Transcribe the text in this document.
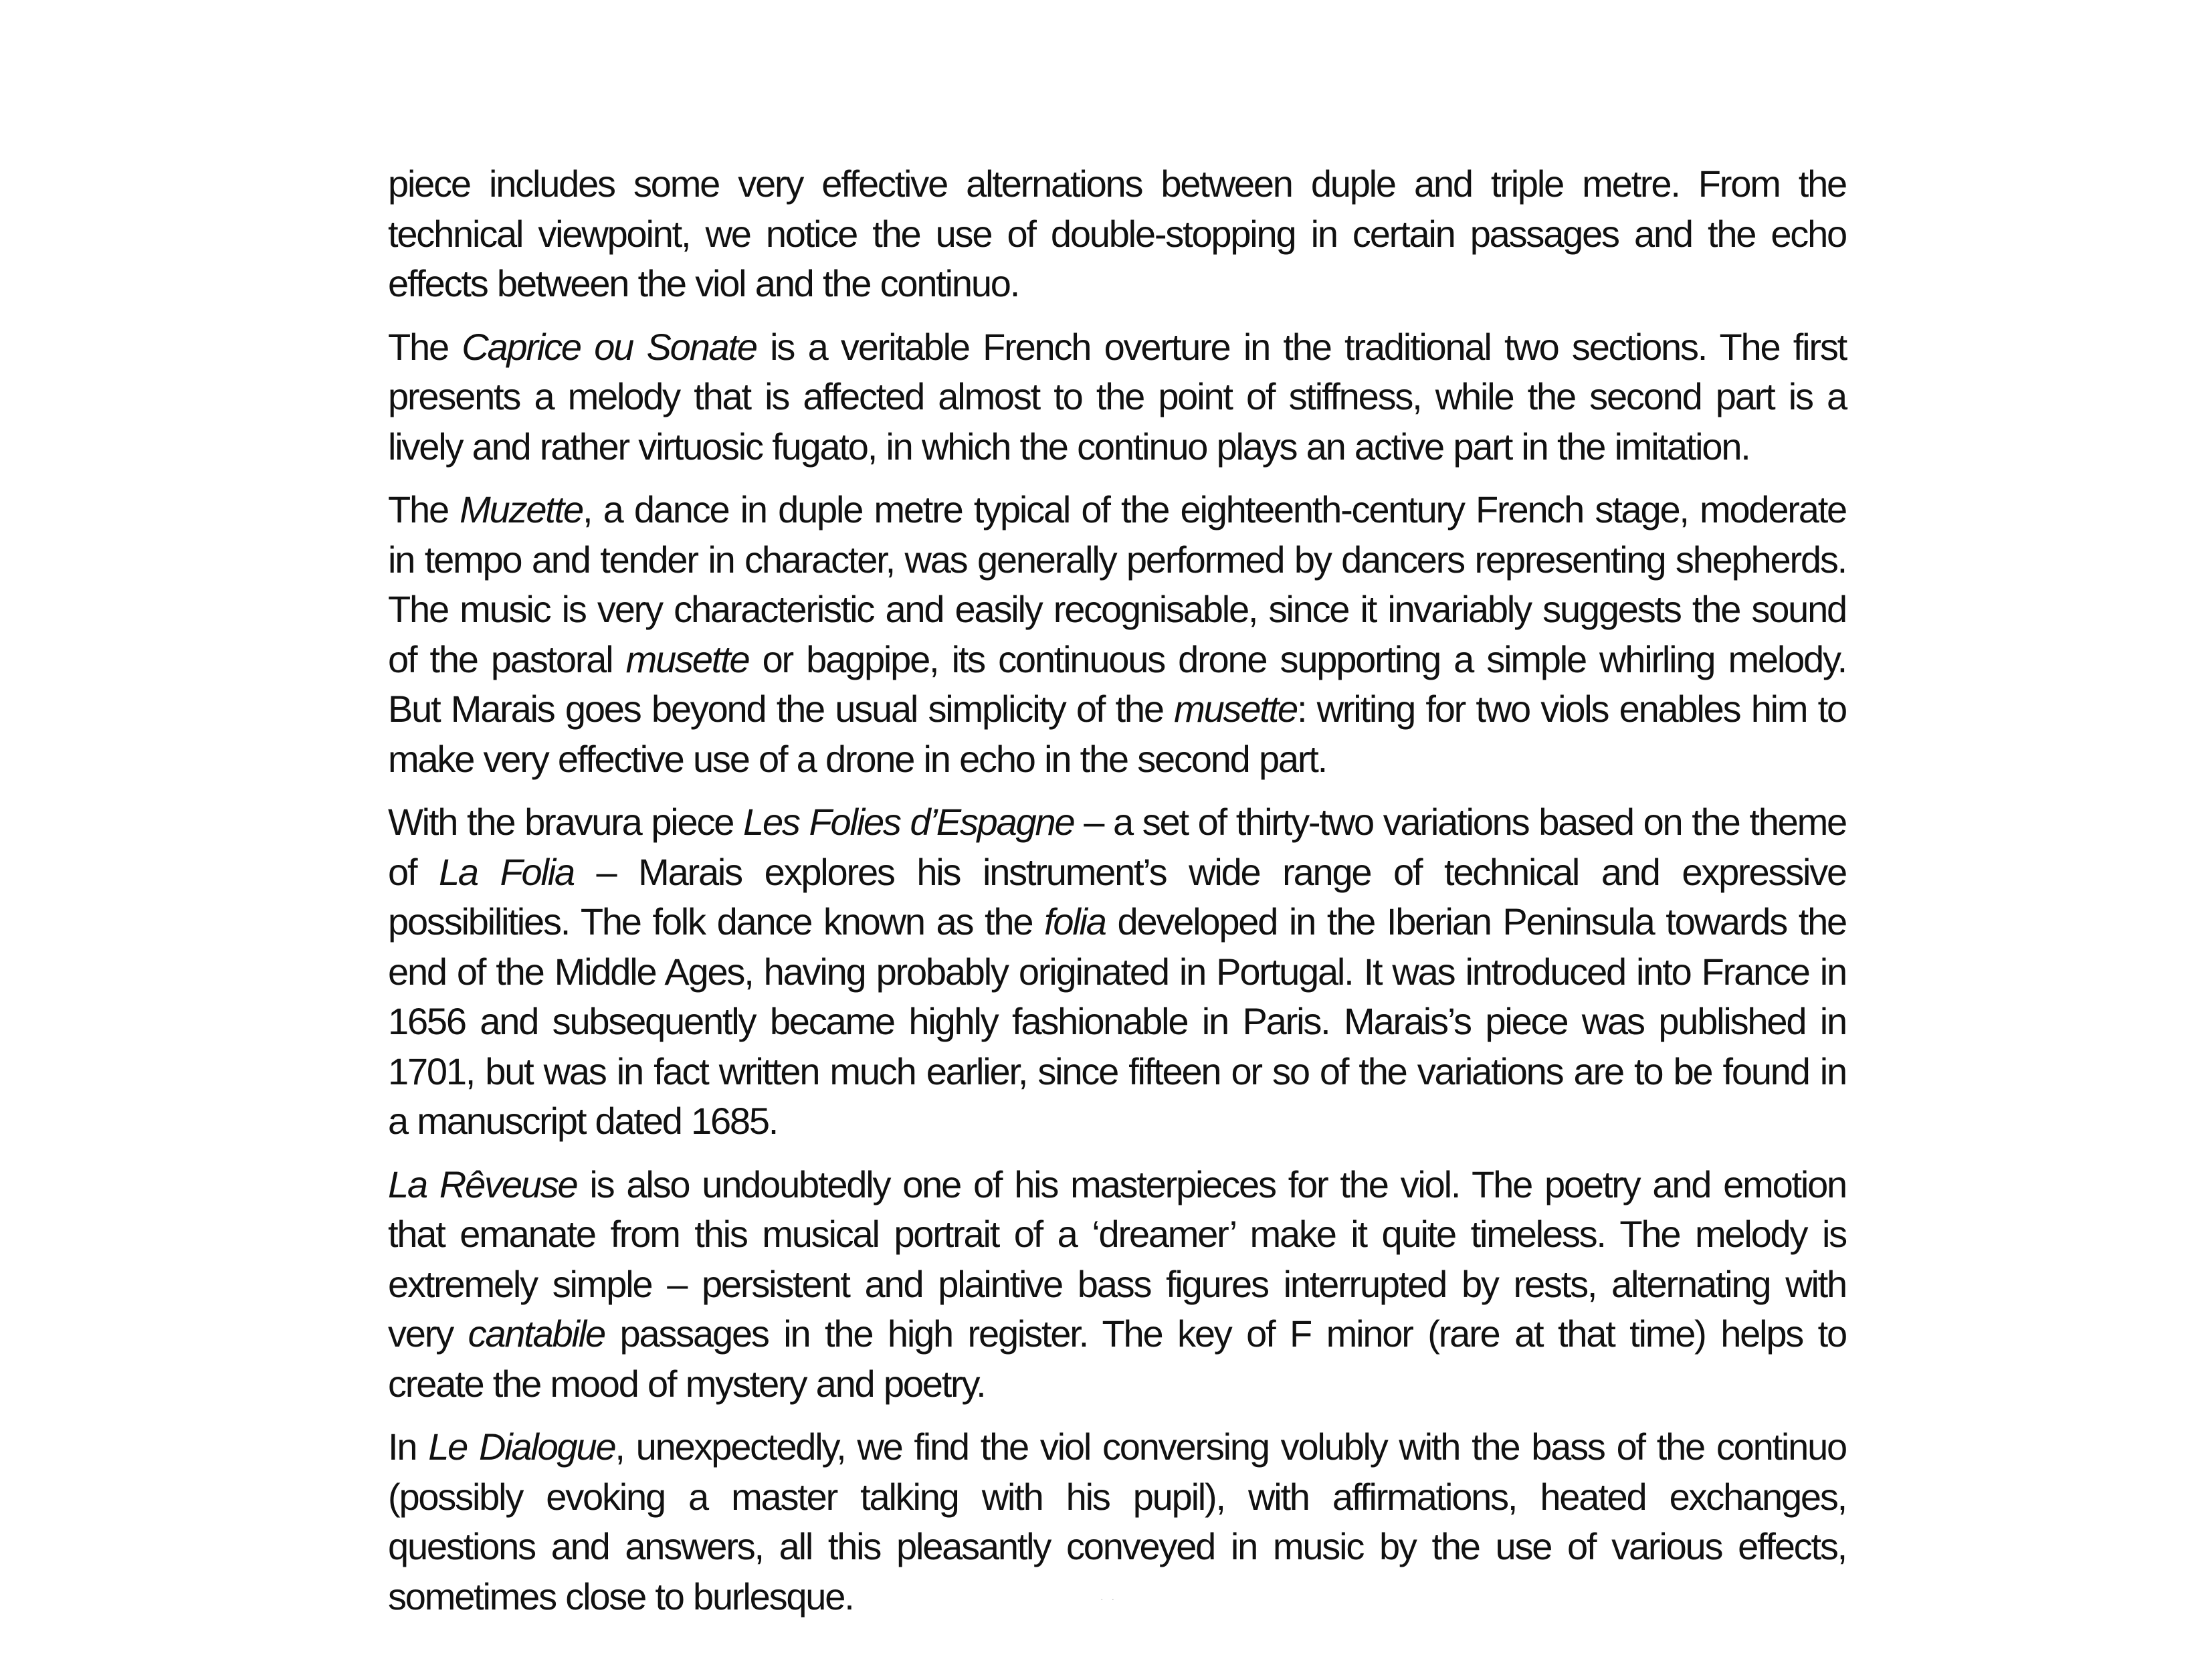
piece includes some very effective alternations between duple and triple metre. From the technical viewpoint, we notice the use of double-stopping in certain passages and the echo effects between the viol and the continuo.

The Caprice ou Sonate is a veritable French overture in the traditional two sections. The first presents a melody that is affected almost to the point of stiffness, while the second part is a lively and rather virtuosic fugato, in which the continuo plays an active part in the imitation.

The Muzette, a dance in duple metre typical of the eighteenth-century French stage, moderate in tempo and tender in character, was generally performed by dancers representing shepherds. The music is very characteristic and easily recognisable, since it invariably suggests the sound of the pastoral musette or bagpipe, its continuous drone supporting a simple whirling melody. But Marais goes beyond the usual simplicity of the musette: writing for two viols enables him to make very effective use of a drone in echo in the second part.

With the bravura piece Les Folies d’Espagne – a set of thirty-two variations based on the theme of La Folia – Marais explores his instrument’s wide range of technical and expressive possibilities. The folk dance known as the folia developed in the Iberian Peninsula towards the end of the Middle Ages, having probably originated in Portugal. It was introduced into France in 1656 and subsequently became highly fashionable in Paris. Marais’s piece was published in 1701, but was in fact written much earlier, since fifteen or so of the variations are to be found in a manuscript dated 1685.

La Rêveuse is also undoubtedly one of his masterpieces for the viol. The poetry and emotion that emanate from this musical portrait of a ‘dreamer’ make it quite timeless. The melody is extremely simple – persistent and plaintive bass figures interrupted by rests, alternating with very cantabile passages in the high register. The key of F minor (rare at that time) helps to create the mood of mystery and poetry.

In Le Dialogue, unexpectedly, we find the viol conversing volubly with the bass of the continuo (possibly evoking a master talking with his pupil), with affirmations, heated exchanges, questions and answers, all this pleasantly conveyed in music by the use of various effects, sometimes close to burlesque.	· ·
